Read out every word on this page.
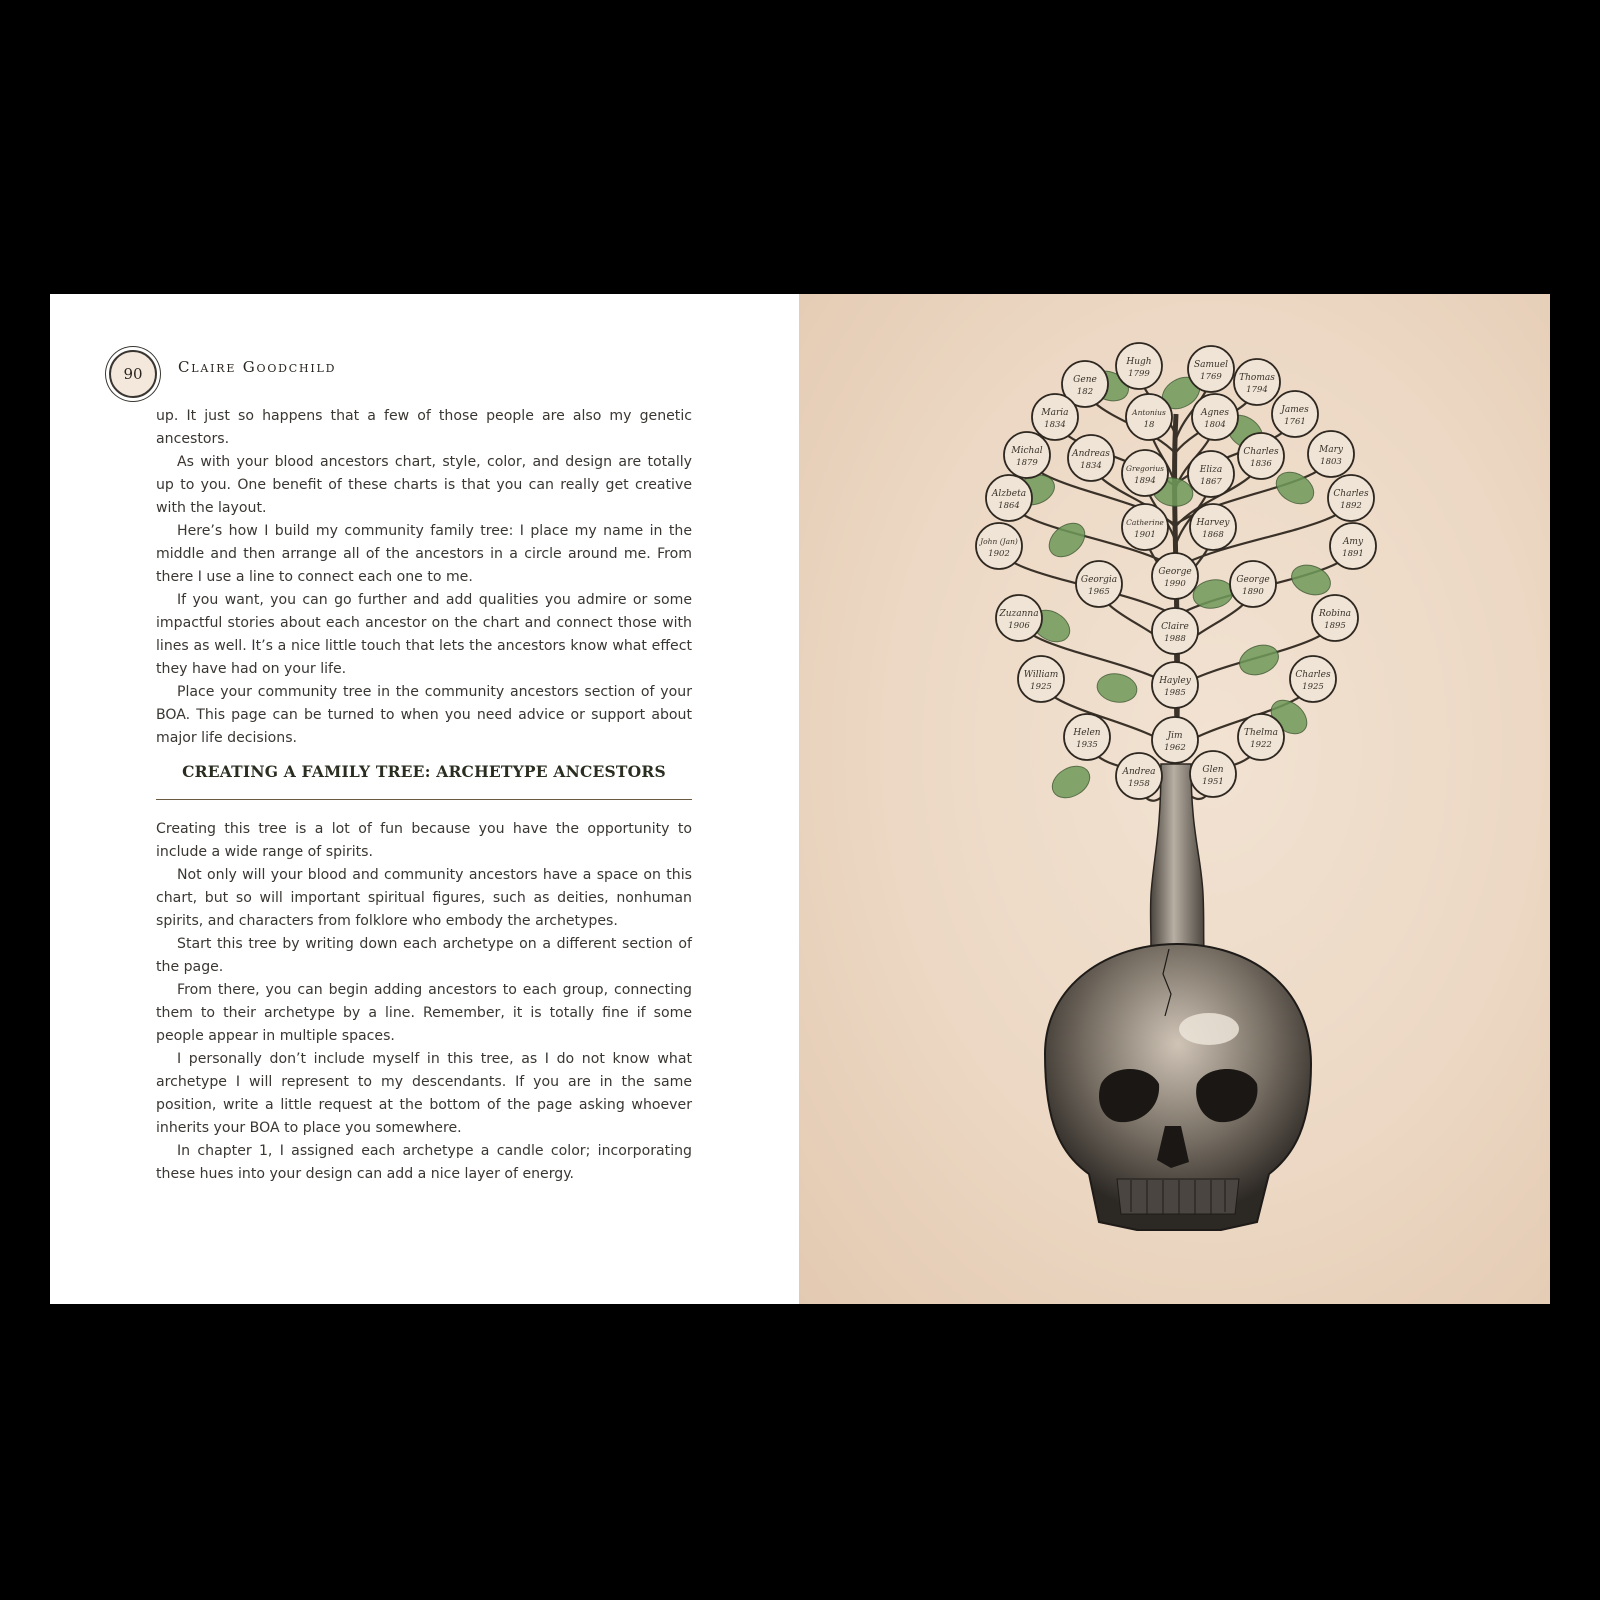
90	Claire Goodchild

up. It just so happens that a few of those people are also my genetic ancestors.

As with your blood ancestors chart, style, color, and design are totally up to you. One benefit of these charts is that you can really get creative with the layout.

Here’s how I build my community family tree: I place my name in the middle and then arrange all of the ancestors in a circle around me. From there I use a line to connect each one to me.

If you want, you can go further and add qualities you admire or some impactful stories about each ancestor on the chart and connect those with lines as well. It’s a nice little touch that lets the ancestors know what effect they have had on your life.

Place your community tree in the community ancestors section of your BOA. This page can be turned to when you need advice or support about major life decisions.

CREATING A FAMILY TREE: ARCHETYPE ANCESTORS

Creating this tree is a lot of fun because you have the opportunity to include a wide range of spirits.

Not only will your blood and community ancestors have a space on this chart, but so will important spiritual figures, such as deities, nonhuman spirits, and characters from folklore who embody the archetypes.

Start this tree by writing down each archetype on a different section of the page.

From there, you can begin adding ancestors to each group, connecting them to their archetype by a line. Remember, it is totally fine if some people appear in multiple spaces.

I personally don’t include myself in this tree, as I do not know what archetype I will represent to my descendants. If you are in the same position, write a little request at the bottom of the page asking whoever inherits your BOA to place you somewhere.

In chapter 1, I assigned each archetype a candle color; incorporating these hues into your design can add a nice layer of energy.

Hugh
1799
Samuel
1769
Gene
182
Thomas
1794
Maria
1834
Antonius
18
Agnes
1804
James
1761
Michal
1879
Andreas
1834
Charles
1836
Mary
1803
Gregorius
1894
Eliza
1867
Alzbeta
1864
Charles
1892
Catherine
1901
Harvey
1868
John (Jan)
1902
Amy
1891
Georgia
1965
George
1990	George
1890
Zuzanna
1906	Claire
1988
Robina
1895
William
1925
Hayley
1985
Charles
1925
Helen
1935
Jim
1962
Thelma
1922
Andrea
1958
Glen
1951
